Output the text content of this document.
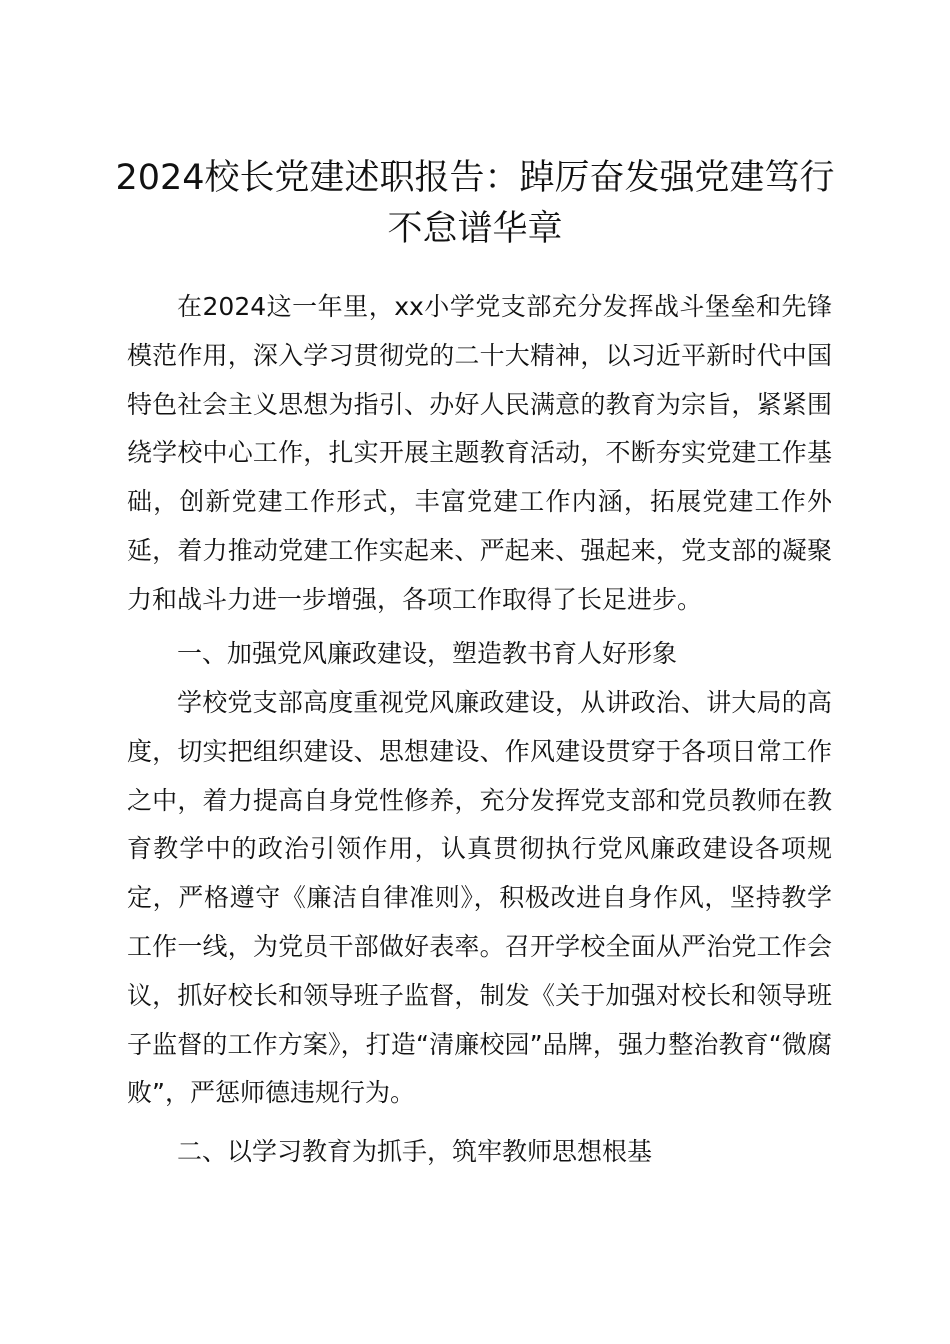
2024校长党建述职报告：踔厉奋发强党建笃行不怠谱华章

在2024这一年里，xx小学党支部充分发挥战斗堡垒和先锋模范作用，深入学习贯彻党的二十大精神，以习近平新时代中国特色社会主义思想为指引、办好人民满意的教育为宗旨，紧紧围绕学校中心工作，扎实开展主题教育活动，不断夯实党建工作基础，创新党建工作形式，丰富党建工作内涵，拓展党建工作外延，着力推动党建工作实起来、严起来、强起来，党支部的凝聚力和战斗力进一步增强，各项工作取得了长足进步。

一、加强党风廉政建设，塑造教书育人好形象

学校党支部高度重视党风廉政建设，从讲政治、讲大局的高度，切实把组织建设、思想建设、作风建设贯穿于各项日常工作之中，着力提高自身党性修养，充分发挥党支部和党员教师在教育教学中的政治引领作用，认真贯彻执行党风廉政建设各项规定，严格遵守《廉洁自律准则》，积极改进自身作风，坚持教学工作一线，为党员干部做好表率。召开学校全面从严治党工作会议，抓好校长和领导班子监督，制发《关于加强对校长和领导班子监督的工作方案》，打造“清廉校园”品牌，强力整治教育“微腐败”，严惩师德违规行为。

二、以学习教育为抓手，筑牢教师思想根基
